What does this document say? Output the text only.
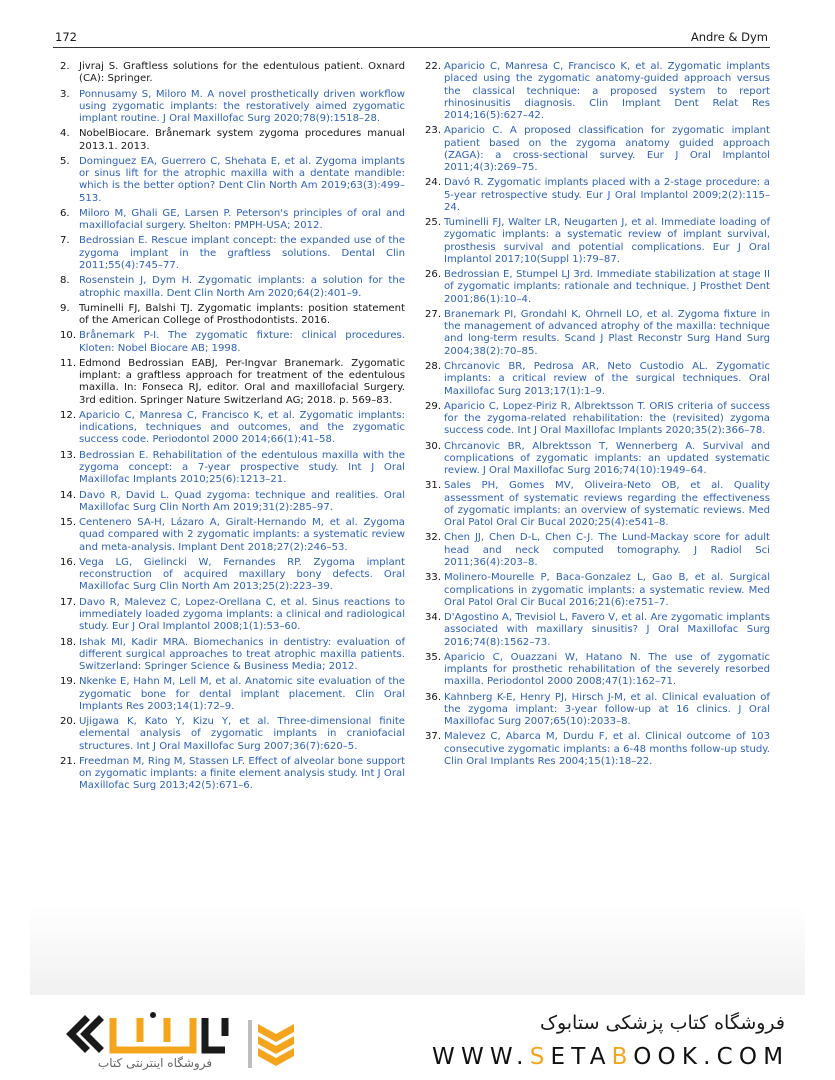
172	Andre & Dym
2. Jivraj S. Graftless solutions for the edentulous patient. Oxnard (CA): Springer.
3. Ponnusamy S, Miloro M. A novel prosthetically driven workflow using zygomatic implants: the restoratively aimed zygomatic implant routine. J Oral Maxillofac Surg 2020;78(9):1518–28.
4. NobelBiocare. Brånemark system zygoma procedures manual 2013.1. 2013.
5. Dominguez EA, Guerrero C, Shehata E, et al. Zygoma implants or sinus lift for the atrophic maxilla with a dentate mandible: which is the better option? Dent Clin North Am 2019;63(3):499–513.
6. Miloro M, Ghali GE, Larsen P. Peterson's principles of oral and maxillofacial surgery. Shelton: PMPH-USA; 2012.
7. Bedrossian E. Rescue implant concept: the expanded use of the zygoma implant in the graftless solutions. Dental Clin 2011;55(4):745–77.
8. Rosenstein J, Dym H. Zygomatic implants: a solution for the atrophic maxilla. Dent Clin North Am 2020;64(2):401–9.
9. Tuminelli FJ, Balshi TJ. Zygomatic implants: position statement of the American College of Prosthodontists. 2016.
10. Brånemark P-I. The zygomatic fixture: clinical procedures. Kloten: Nobel Biocare AB; 1998.
11. Edmond Bedrossian EABJ, Per-Ingvar Branemark. Zygomatic implant: a graftless approach for treatment of the edentulous maxilla. In: Fonseca RJ, editor. Oral and maxillofacial Surgery. 3rd edition. Springer Nature Switzerland AG; 2018. p. 569–83.
12. Aparicio C, Manresa C, Francisco K, et al. Zygomatic implants: indications, techniques and outcomes, and the zygomatic success code. Periodontol 2000 2014;66(1):41–58.
13. Bedrossian E. Rehabilitation of the edentulous maxilla with the zygoma concept: a 7-year prospective study. Int J Oral Maxillofac Implants 2010;25(6):1213–21.
14. Davo R, David L. Quad zygoma: technique and realities. Oral Maxillofac Surg Clin North Am 2019;31(2):285–97.
15. Centenero SA-H, Lázaro A, Giralt-Hernando M, et al. Zygoma quad compared with 2 zygomatic implants: a systematic review and meta-analysis. Implant Dent 2018;27(2):246–53.
16. Vega LG, Gielincki W, Fernandes RP. Zygoma implant reconstruction of acquired maxillary bony defects. Oral Maxillofac Surg Clin North Am 2013;25(2):223–39.
17. Davo R, Malevez C, Lopez-Orellana C, et al. Sinus reactions to immediately loaded zygoma implants: a clinical and radiological study. Eur J Oral Implantol 2008;1(1):53–60.
18. Ishak MI, Kadir MRA. Biomechanics in dentistry: evaluation of different surgical approaches to treat atrophic maxilla patients. Switzerland: Springer Science & Business Media; 2012.
19. Nkenke E, Hahn M, Lell M, et al. Anatomic site evaluation of the zygomatic bone for dental implant placement. Clin Oral Implants Res 2003;14(1):72–9.
20. Ujigawa K, Kato Y, Kizu Y, et al. Three-dimensional finite elemental analysis of zygomatic implants in craniofacial structures. Int J Oral Maxillofac Surg 2007;36(7):620–5.
21. Freedman M, Ring M, Stassen LF. Effect of alveolar bone support on zygomatic implants: a finite element analysis study. Int J Oral Maxillofac Surg 2013;42(5):671–6.
22. Aparicio C, Manresa C, Francisco K, et al. Zygomatic implants placed using the zygomatic anatomy-guided approach versus the classical technique: a proposed system to report rhinosinusitis diagnosis. Clin Implant Dent Relat Res 2014;16(5):627–42.
23. Aparicio C. A proposed classification for zygomatic implant patient based on the zygoma anatomy guided approach (ZAGA): a cross-sectional survey. Eur J Oral Implantol 2011;4(3):269–75.
24. Davó R. Zygomatic implants placed with a 2-stage procedure: a 5-year retrospective study. Eur J Oral Implantol 2009;2(2):115–24.
25. Tuminelli FJ, Walter LR, Neugarten J, et al. Immediate loading of zygomatic implants: a systematic review of implant survival, prosthesis survival and potential complications. Eur J Oral Implantol 2017;10(Suppl 1):79–87.
26. Bedrossian E, Stumpel LJ 3rd. Immediate stabilization at stage II of zygomatic implants: rationale and technique. J Prosthet Dent 2001;86(1):10–4.
27. Branemark PI, Grondahl K, Ohrnell LO, et al. Zygoma fixture in the management of advanced atrophy of the maxilla: technique and long-term results. Scand J Plast Reconstr Surg Hand Surg 2004;38(2):70–85.
28. Chrcanovic BR, Pedrosa AR, Neto Custodio AL. Zygomatic implants: a critical review of the surgical techniques. Oral Maxillofac Surg 2013;17(1):1–9.
29. Aparicio C, Lopez-Piriz R, Albrektsson T. ORIS criteria of success for the zygoma-related rehabilitation: the (revisited) zygoma success code. Int J Oral Maxillofac Implants 2020;35(2):366–78.
30. Chrcanovic BR, Albrektsson T, Wennerberg A. Survival and complications of zygomatic implants: an updated systematic review. J Oral Maxillofac Surg 2016;74(10):1949–64.
31. Sales PH, Gomes MV, Oliveira-Neto OB, et al. Quality assessment of systematic reviews regarding the effectiveness of zygomatic implants: an overview of systematic reviews. Med Oral Patol Oral Cir Bucal 2020;25(4):e541–8.
32. Chen JJ, Chen D-L, Chen C-J. The Lund-Mackay score for adult head and neck computed tomography. J Radiol Sci 2011;36(4):203–8.
33. Molinero-Mourelle P, Baca-Gonzalez L, Gao B, et al. Surgical complications in zygomatic implants: a systematic review. Med Oral Patol Oral Cir Bucal 2016;21(6):e751–7.
34. D'Agostino A, Trevisiol L, Favero V, et al. Are zygomatic implants associated with maxillary sinusitis? J Oral Maxillofac Surg 2016;74(8):1562–73.
35. Aparicio C, Ouazzani W, Hatano N. The use of zygomatic implants for prosthetic rehabilitation of the severely resorbed maxilla. Periodontol 2000 2008;47(1):162–71.
36. Kahnberg K-E, Henry PJ, Hirsch J-M, et al. Clinical evaluation of the zygoma implant: 3-year follow-up at 16 clinics. J Oral Maxillofac Surg 2007;65(10):2033–8.
37. Malevez C, Abarca M, Durdu F, et al. Clinical outcome of 103 consecutive zygomatic implants: a 6-48 months follow-up study. Clin Oral Implants Res 2004;15(1):18–22.
فروشگاه اینترنتی کتاب
فروشگاه کتاب پزشکی ستابوک
WWW.SETABOOK.COM
